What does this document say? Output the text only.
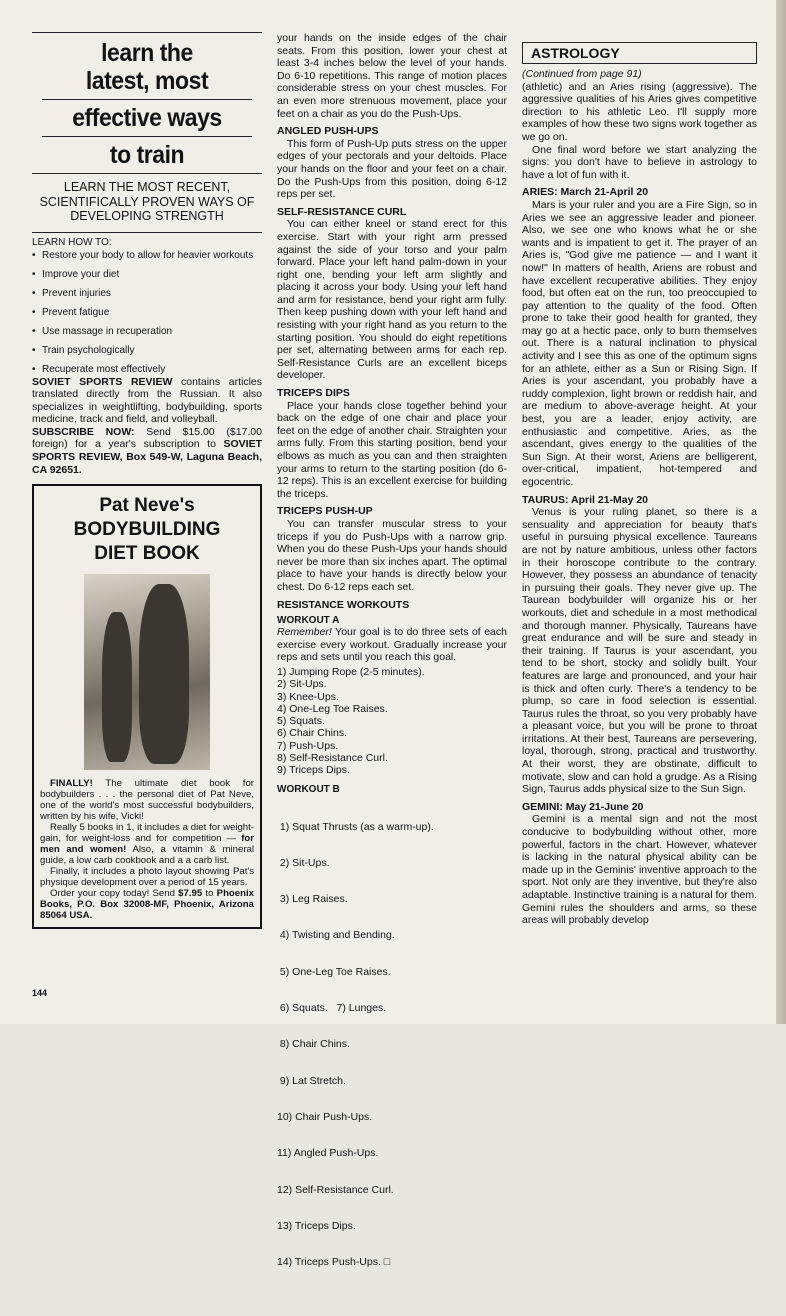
learn the
latest, most
effective ways
to train
LEARN THE MOST RECENT, SCIENTIFICALLY PROVEN WAYS OF DEVELOPING STRENGTH
LEARN HOW TO:
• Restore your body to allow for heavier workouts
• Improve your diet
• Prevent injuries
• Prevent fatigue
• Use massage in recuperation
• Train psychologically
• Recuperate most effectively

SOVIET SPORTS REVIEW contains articles translated directly from the Russian. It also specializes in weightlifting, bodybuilding, sports medicine, track and field, and volleyball.

SUBSCRIBE NOW: Send $15.00 ($17.00 foreign) for a year's subscription to SOVIET SPORTS REVIEW, Box 549-W, Laguna Beach, CA 92651.

Pat Neve's
BODYBUILDING
DIET BOOK

FINALLY! The ultimate diet book for bodybuilders . . . the personal diet of Pat Neve, one of the world's most successful bodybuilders, written by his wife, Vicki!

Really 5 books in 1, it includes a diet for weight-gain, for weight-loss and for competition — for men and women! Also, a vitamin & mineral guide, a low carb cookbook and a a carb list.

Finally, it includes a photo layout showing Pat's physique development over a period of 15 years.

Order your copy today! Send $7.95 to Phoenix Books, P.O. Box 32008-MF, Phoenix, Arizona 85064 USA.

your hands on the inside edges of the chair seats. From this position, lower your chest at least 3-4 inches below the level of your hands. Do 6-10 repetitions. This range of motion places considerable stress on your chest muscles. For an even more strenuous movement, place your feet on a chair as you do the Push-Ups.

ANGLED PUSH-UPS

This form of Push-Up puts stress on the upper edges of your pectorals and your deltoids. Place your hands on the floor and your feet on a chair. Do the Push-Ups from this position, doing 6-12 reps per set.

SELF-RESISTANCE CURL

You can either kneel or stand erect for this exercise. Start with your right arm pressed against the side of your torso and your palm forward. Place your left hand palm-down in your right one, bending your left arm slightly and placing it across your body. Using your left hand and arm for resistance, bend your right arm fully. Then keep pushing down with your left hand and resisting with your right hand as you return to the starting position. You should do eight repetitions per set, alternating between arms for each rep. Self-Resistance Curls are an excellent biceps developer.

TRICEPS DIPS

Place your hands close together behind your back on the edge of one chair and place your feet on the edge of another chair. Straighten your arms fully. From this starting position, bend your elbows as much as you can and then straighten your arms to return to the starting position (do 6-12 reps). This is an excellent exercise for building the triceps.

TRICEPS PUSH-UP

You can transfer muscular stress to your triceps if you do Push-Ups with a narrow grip. When you do these Push-Ups your hands should never be more than six inches apart. The optimal place to have your hands is directly below your chest. Do 6-12 reps each set.

RESISTANCE WORKOUTS
WORKOUT A

Remember! Your goal is to do three sets of each exercise every workout. Gradually increase your reps and sets until you reach this goal.

1) Jumping Rope (2-5 minutes).
2) Sit-Ups.
3) Knee-Ups.
4) One-Leg Toe Raises.
5) Squats.
6) Chair Chins.
7) Push-Ups.
8) Self-Resistance Curl.
9) Triceps Dips.
WORKOUT B

1) Squat Thrusts (as a warm-up).

2) Sit-Ups.

3) Leg Raises.

4) Twisting and Bending.

5) One-Leg Toe Raises.

6) Squats.   7) Lunges.

8) Chair Chins.

9) Lat Stretch.

10) Chair Push-Ups.

11) Angled Push-Ups.

12) Self-Resistance Curl.

13) Triceps Dips.

14) Triceps Push-Ups. □

ASTROLOGY

(Continued from page 91)

(athletic) and an Aries rising (aggressive). The aggressive qualities of his Aries gives competitive direction to his athletic Leo. I'll supply more examples of how these two signs work together as we go on.

One final word before we start analyzing the signs: you don't have to believe in astrology to have a lot of fun with it.

ARIES: March 21-April 20

Mars is your ruler and you are a Fire Sign, so in Aries we see an aggressive leader and pioneer. Also, we see one who knows what he or she wants and is impatient to get it. The prayer of an Aries is, "God give me patience — and I want it now!" In matters of health, Ariens are robust and have excellent recuperative abilities. They enjoy food, but often eat on the run, too preoccupied to pay attention to the quality of the food. Often prone to take their good health for granted, they may go at a hectic pace, only to burn themselves out. There is a natural inclination to physical activity and I see this as one of the optimum signs for an athlete, either as a Sun or Rising Sign. If Aries is your ascendant, you probably have a ruddy complexion, light brown or reddish hair, and are medium to above-average height. At your best, you are a leader, enjoy activity, are enthusiastic and competitive. Aries, as the ascendant, gives energy to the qualities of the Sun Sign. At their worst, Ariens are belligerent, over-critical, impatient, hot-tempered and egocentric.

TAURUS: April 21-May 20

Venus is your ruling planet, so there is a sensuality and appreciation for beauty that's useful in pursuing physical excellence. Taureans are not by nature ambitious, unless other factors in their horoscope contribute to the contrary. However, they possess an abundance of tenacity in pursuing their goals. They never give up. The Taurean bodybuilder will organize his or her workouts, diet and schedule in a most methodical and thorough manner. Physically, Taureans have great endurance and will be sure and steady in their training. If Taurus is your ascendant, you tend to be short, stocky and solidly built. Your features are large and pronounced, and your hair is thick and often curly. There's a tendency to be plump, so care in food selection is essential. Taurus rules the throat, so you very probably have a pleasant voice, but you will be prone to throat irritations. At their best, Taureans are persevering, loyal, thorough, strong, practical and trustworthy. At their worst, they are obstinate, difficult to motivate, slow and can hold a grudge. As a Rising Sign, Taurus adds physical size to the Sun Sign.

GEMINI: May 21-June 20

Gemini is a mental sign and not the most conducive to bodybuilding without other, more powerful, factors in the chart. However, whatever is lacking in the natural physical ability can be made up in the Geminis' inventive approach to the sport. Not only are they inventive, but they're also adaptable. Instinctive training is a natural for them. Gemini rules the shoulders and arms, so these areas will probably develop

144
